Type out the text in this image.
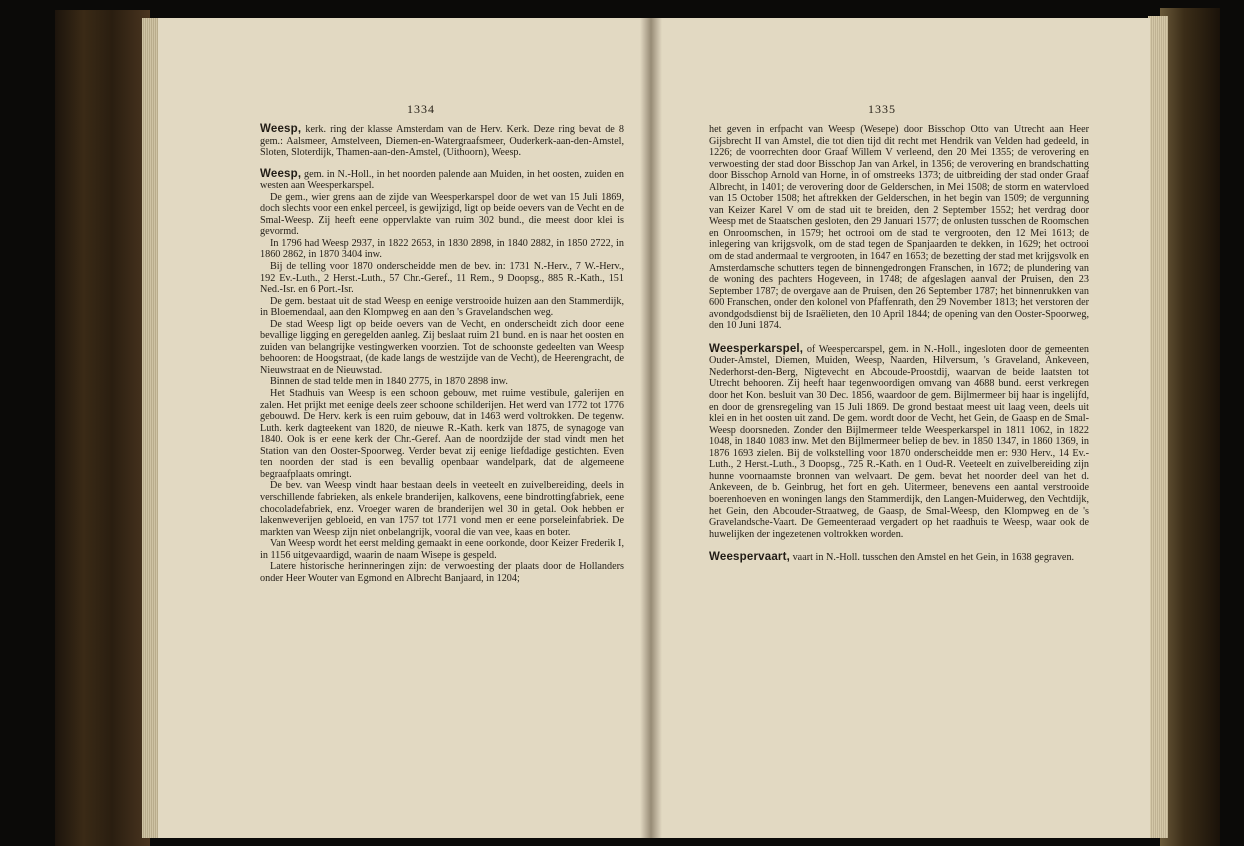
1334

Weesp, kerk. ring der klasse Amsterdam van de Herv. Kerk. Deze ring bevat de 8 gem.: Aalsmeer, Amstelveen, Diemen-en-Watergraafsmeer, Ouderkerk-aan-den-Amstel, Sloten, Sloterdijk, Thamen-aan-den-Amstel, (Uithoorn), Weesp.

Weesp, gem. in N.-Holl., in het noorden palende aan Muiden, in het oosten, zuiden en westen aan Weesperkarspel.

De gem., wier grens aan de zijde van Weesperkarspel door de wet van 15 Juli 1869, doch slechts voor een enkel perceel, is gewijzigd, ligt op beide oevers van de Vecht en de Smal-Weesp. Zij heeft eene oppervlakte van ruim 302 bund., die meest door klei is gevormd.

In 1796 had Weesp 2937, in 1822 2653, in 1830 2898, in 1840 2882, in 1850 2722, in 1860 2862, in 1870 3404 inw.

Bij de telling voor 1870 onderscheidde men de bev. in: 1731 N.-Herv., 7 W.-Herv., 192 Ev.-Luth., 2 Herst.-Luth., 57 Chr.-Geref., 11 Rem., 9 Doopsg., 885 R.-Kath., 151 Ned.-Isr. en 6 Port.-Isr.

De gem. bestaat uit de stad Weesp en eenige verstrooide huizen aan den Stammerdijk, in Bloemendaal, aan den Klompweg en aan den 's Gravelandschen weg.

De stad Weesp ligt op beide oevers van de Vecht, en onderscheidt zich door eene bevallige ligging en geregelden aanleg. Zij beslaat ruim 21 bund. en is naar het oosten en zuiden van belangrijke vestingwerken voorzien. Tot de schoonste gedeelten van Weesp behooren: de Hoogstraat, (de kade langs de westzijde van de Vecht), de Heerengracht, de Nieuwstraat en de Nieuwstad.

Binnen de stad telde men in 1840 2775, in 1870 2898 inw.

Het Stadhuis van Weesp is een schoon gebouw, met ruime vestibule, galerijen en zalen. Het prijkt met eenige deels zeer schoone schilderijen. Het werd van 1772 tot 1776 gebouwd. De Herv. kerk is een ruim gebouw, dat in 1463 werd voltrokken. De tegenw. Luth. kerk dagteekent van 1820, de nieuwe R.-Kath. kerk van 1875, de synagoge van 1840. Ook is er eene kerk der Chr.-Geref. Aan de noordzijde der stad vindt men het Station van den Ooster-Spoorweg. Verder bevat zij eenige liefdadige gestichten. Even ten noorden der stad is een bevallig openbaar wandelpark, dat de algemeene begraafplaats omringt.

De bev. van Weesp vindt haar bestaan deels in veeteelt en zuivelbereiding, deels in verschillende fabrieken, als enkele branderijen, kalkovens, eene bindrottingfabriek, eene chocoladefabriek, enz. Vroeger waren de branderijen wel 30 in getal. Ook hebben er lakenweverijen gebloeid, en van 1757 tot 1771 vond men er eene porseleinfabriek. De markten van Weesp zijn niet onbelangrijk, vooral die van vee, kaas en boter.

Van Weesp wordt het eerst melding gemaakt in eene oorkonde, door Keizer Frederik I, in 1156 uitgevaardigd, waarin de naam Wisepe is gespeld.

Latere historische herinneringen zijn: de verwoesting der plaats door de Hollanders onder Heer Wouter van Egmond en Albrecht Banjaard, in 1204;

1335

het geven in erfpacht van Weesp (Wesepe) door Bisschop Otto van Utrecht aan Heer Gijsbrecht II van Amstel, die tot dien tijd dit recht met Hendrik van Velden had gedeeld, in 1226; de voorrechten door Graaf Willem V verleend, den 20 Mei 1355; de verovering en verwoesting der stad door Bisschop Jan van Arkel, in 1356; de verovering en brandschatting door Bisschop Arnold van Horne, in of omstreeks 1373; de uitbreiding der stad onder Graaf Albrecht, in 1401; de verovering door de Gelderschen, in Mei 1508; de storm en watervloed van 15 October 1508; het aftrekken der Gelderschen, in het begin van 1509; de vergunning van Keizer Karel V om de stad uit te breiden, den 2 September 1552; het verdrag door Weesp met de Staatschen gesloten, den 29 Januari 1577; de onlusten tusschen de Roomschen en Onroomschen, in 1579; het octrooi om de stad te vergrooten, den 12 Mei 1613; de inlegering van krijgsvolk, om de stad tegen de Spanjaarden te dekken, in 1629; het octrooi om de stad andermaal te vergrooten, in 1647 en 1653; de bezetting der stad met krijgsvolk en Amsterdamsche schutters tegen de binnengedrongen Franschen, in 1672; de plundering van de woning des pachters Hogeveen, in 1748; de afgeslagen aanval der Pruisen, den 23 September 1787; de overgave aan de Pruisen, den 26 September 1787; het binnenrukken van 600 Franschen, onder den kolonel von Pfaffenrath, den 29 November 1813; het verstoren der avondgodsdienst bij de Israëlieten, den 10 April 1844; de opening van den Ooster-Spoorweg, den 10 Juni 1874.

Weesperkarspel, of Weespercarspel, gem. in N.-Holl., ingesloten door de gemeenten Ouder-Amstel, Diemen, Muiden, Weesp, Naarden, Hilversum, 's Graveland, Ankeveen, Nederhorst-den-Berg, Nigtevecht en Abcoude-Proostdij, waarvan de beide laatsten tot Utrecht behooren. Zij heeft haar tegenwoordigen omvang van 4688 bund. eerst verkregen door het Kon. besluit van 30 Dec. 1856, waardoor de gem. Bijlmermeer bij haar is ingelijfd, en door de grensregeling van 15 Juli 1869. De grond bestaat meest uit laag veen, deels uit klei en in het oosten uit zand. De gem. wordt door de Vecht, het Gein, de Gaasp en de Smal-Weesp doorsneden. Zonder den Bijlmermeer telde Weesperkarspel in 1811 1062, in 1822 1048, in 1840 1083 inw. Met den Bijlmermeer beliep de bev. in 1850 1347, in 1860 1369, in 1876 1693 zielen. Bij de volkstelling voor 1870 onderscheidde men er: 930 Herv., 14 Ev.-Luth., 2 Herst.-Luth., 3 Doopsg., 725 R.-Kath. en 1 Oud-R. Veeteelt en zuivelbereiding zijn hunne voornaamste bronnen van welvaart. De gem. bevat het noorder deel van het d. Ankeveen, de b. Geinbrug, het fort en geh. Uitermeer, benevens een aantal verstrooide boerenhoeven en woningen langs den Stammerdijk, den Langen-Muiderweg, den Vechtdijk, het Gein, den Abcouder-Straatweg, de Gaasp, de Smal-Weesp, den Klompweg en de 's Gravelandsche-Vaart. De Gemeenteraad vergadert op het raadhuis te Weesp, waar ook de huwelijken der ingezetenen voltrokken worden.

Weespervaart, vaart in N.-Holl. tusschen den Amstel en het Gein, in 1638 gegraven.
